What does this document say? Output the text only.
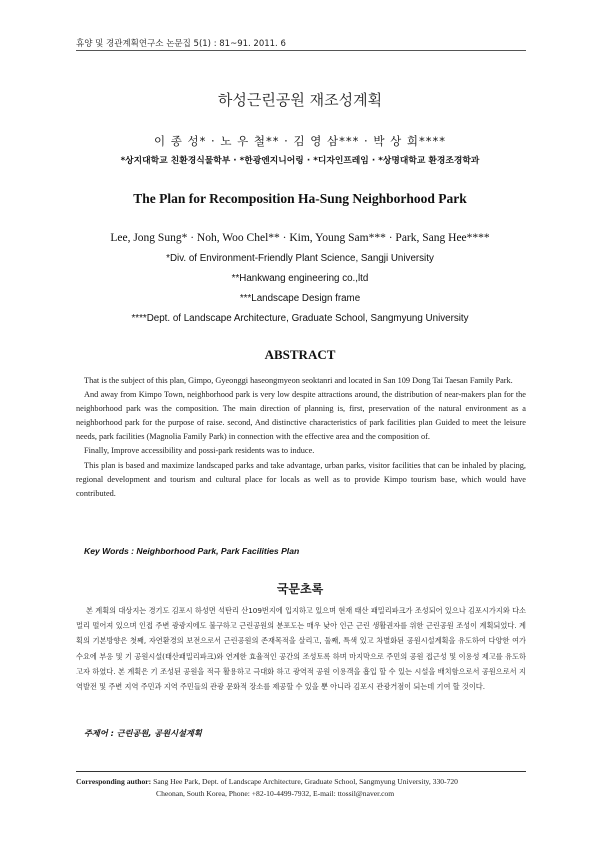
휴양 및 경관계획연구소 논문집 5(1) : 81~91. 2011. 6
하성근린공원 재조성계획
이 종 성* · 노 우 철** · 김 영 삼*** · 박 상 희****
*상지대학교 친환경식물학부 · *한광엔지니어링 · *디자인프레임 · *상명대학교 환경조경학과
The Plan for Recomposition Ha-Sung Neighborhood Park
Lee, Jong Sung* · Noh, Woo Chel** · Kim, Young Sam*** · Park, Sang Hee****
*Div. of Environment-Friendly Plant Science, Sangji University
**Hankwang engineering co.,ltd
***Landscape Design frame
****Dept. of Landscape Architecture, Graduate School, Sangmyung University
ABSTRACT

That is the subject of this plan, Gimpo, Gyeonggi haseongmyeon seoktanri and located in San 109 Dong Tai Taesan Family Park.

And away from Kimpo Town, neighborhood park is very low despite attractions around, the distribution of near-makers plan for the neighborhood park was the composition. The main direction of planning is, first, preservation of the natural environment as a neighborhood park for the purpose of raise. second, And distinctive characteristics of park facilities plan Guided to meet the leisure needs, park facilities (Magnolia Family Park) in connection with the effective area and the composition of.

Finally, Improve accessibility and possi-park residents was to induce.

This plan is based and maximize landscaped parks and take advantage, urban parks, visitor facilities that can be inhaled by placing, regional development and tourism and cultural place for locals as well as to provide Kimpo tourism base, which would have contributed.

Key Words : Neighborhood Park, Park Facilities Plan
국문초록

본 계획의 대상지는 경기도 김포시 하성면 석탄리 산109번지에 입지하고 있으며 현재 태산 패밀리파크가 조성되어 있으나 김포시가지와 다소 멀리 떨어져 있으며 인접 주변 광광지에도 불구하고 근린공원의 분포도는 매우 낮아 인근 근린 생활권자를 위한 근린공원 조성이 계획되었다. 계획의 기본방향은 첫째, 자연환경의 보전으로서 근린공원의 존재목적을 살리고, 둘째, 특색 있고 차별화된 공원시설계획을 유도하여 다양한 여가수요에 부응 및 기 공원시설(태산패밀리파크)와 연계한 효율적인 공간의 조성토록 하며 마지막으로 주민의 공원 접근성 및 이용성 제고를 유도하고자 하였다. 본 계획은 기 조성된 공원을 적극 활용하고 극대화 하고 광역적 공원 이용객을 흡입 할 수 있는 시설을 배치함으로서 공원으로서 지역발전 및 주변 지역 주민과 지역 주민들의 관광 문화적 장소를 제공할 수 있을 뿐 아니라 김포시 관광거점이 되는데 기여 할 것이다.

주제어 : 근린공원, 공원시설계획
Corresponding author: Sang Hee Park, Dept. of Landscape Architecture, Graduate School, Sangmyung University, 330-720
Cheonan, South Korea, Phone: +82-10-4499-7932, E-mail: ttossil@naver.com
